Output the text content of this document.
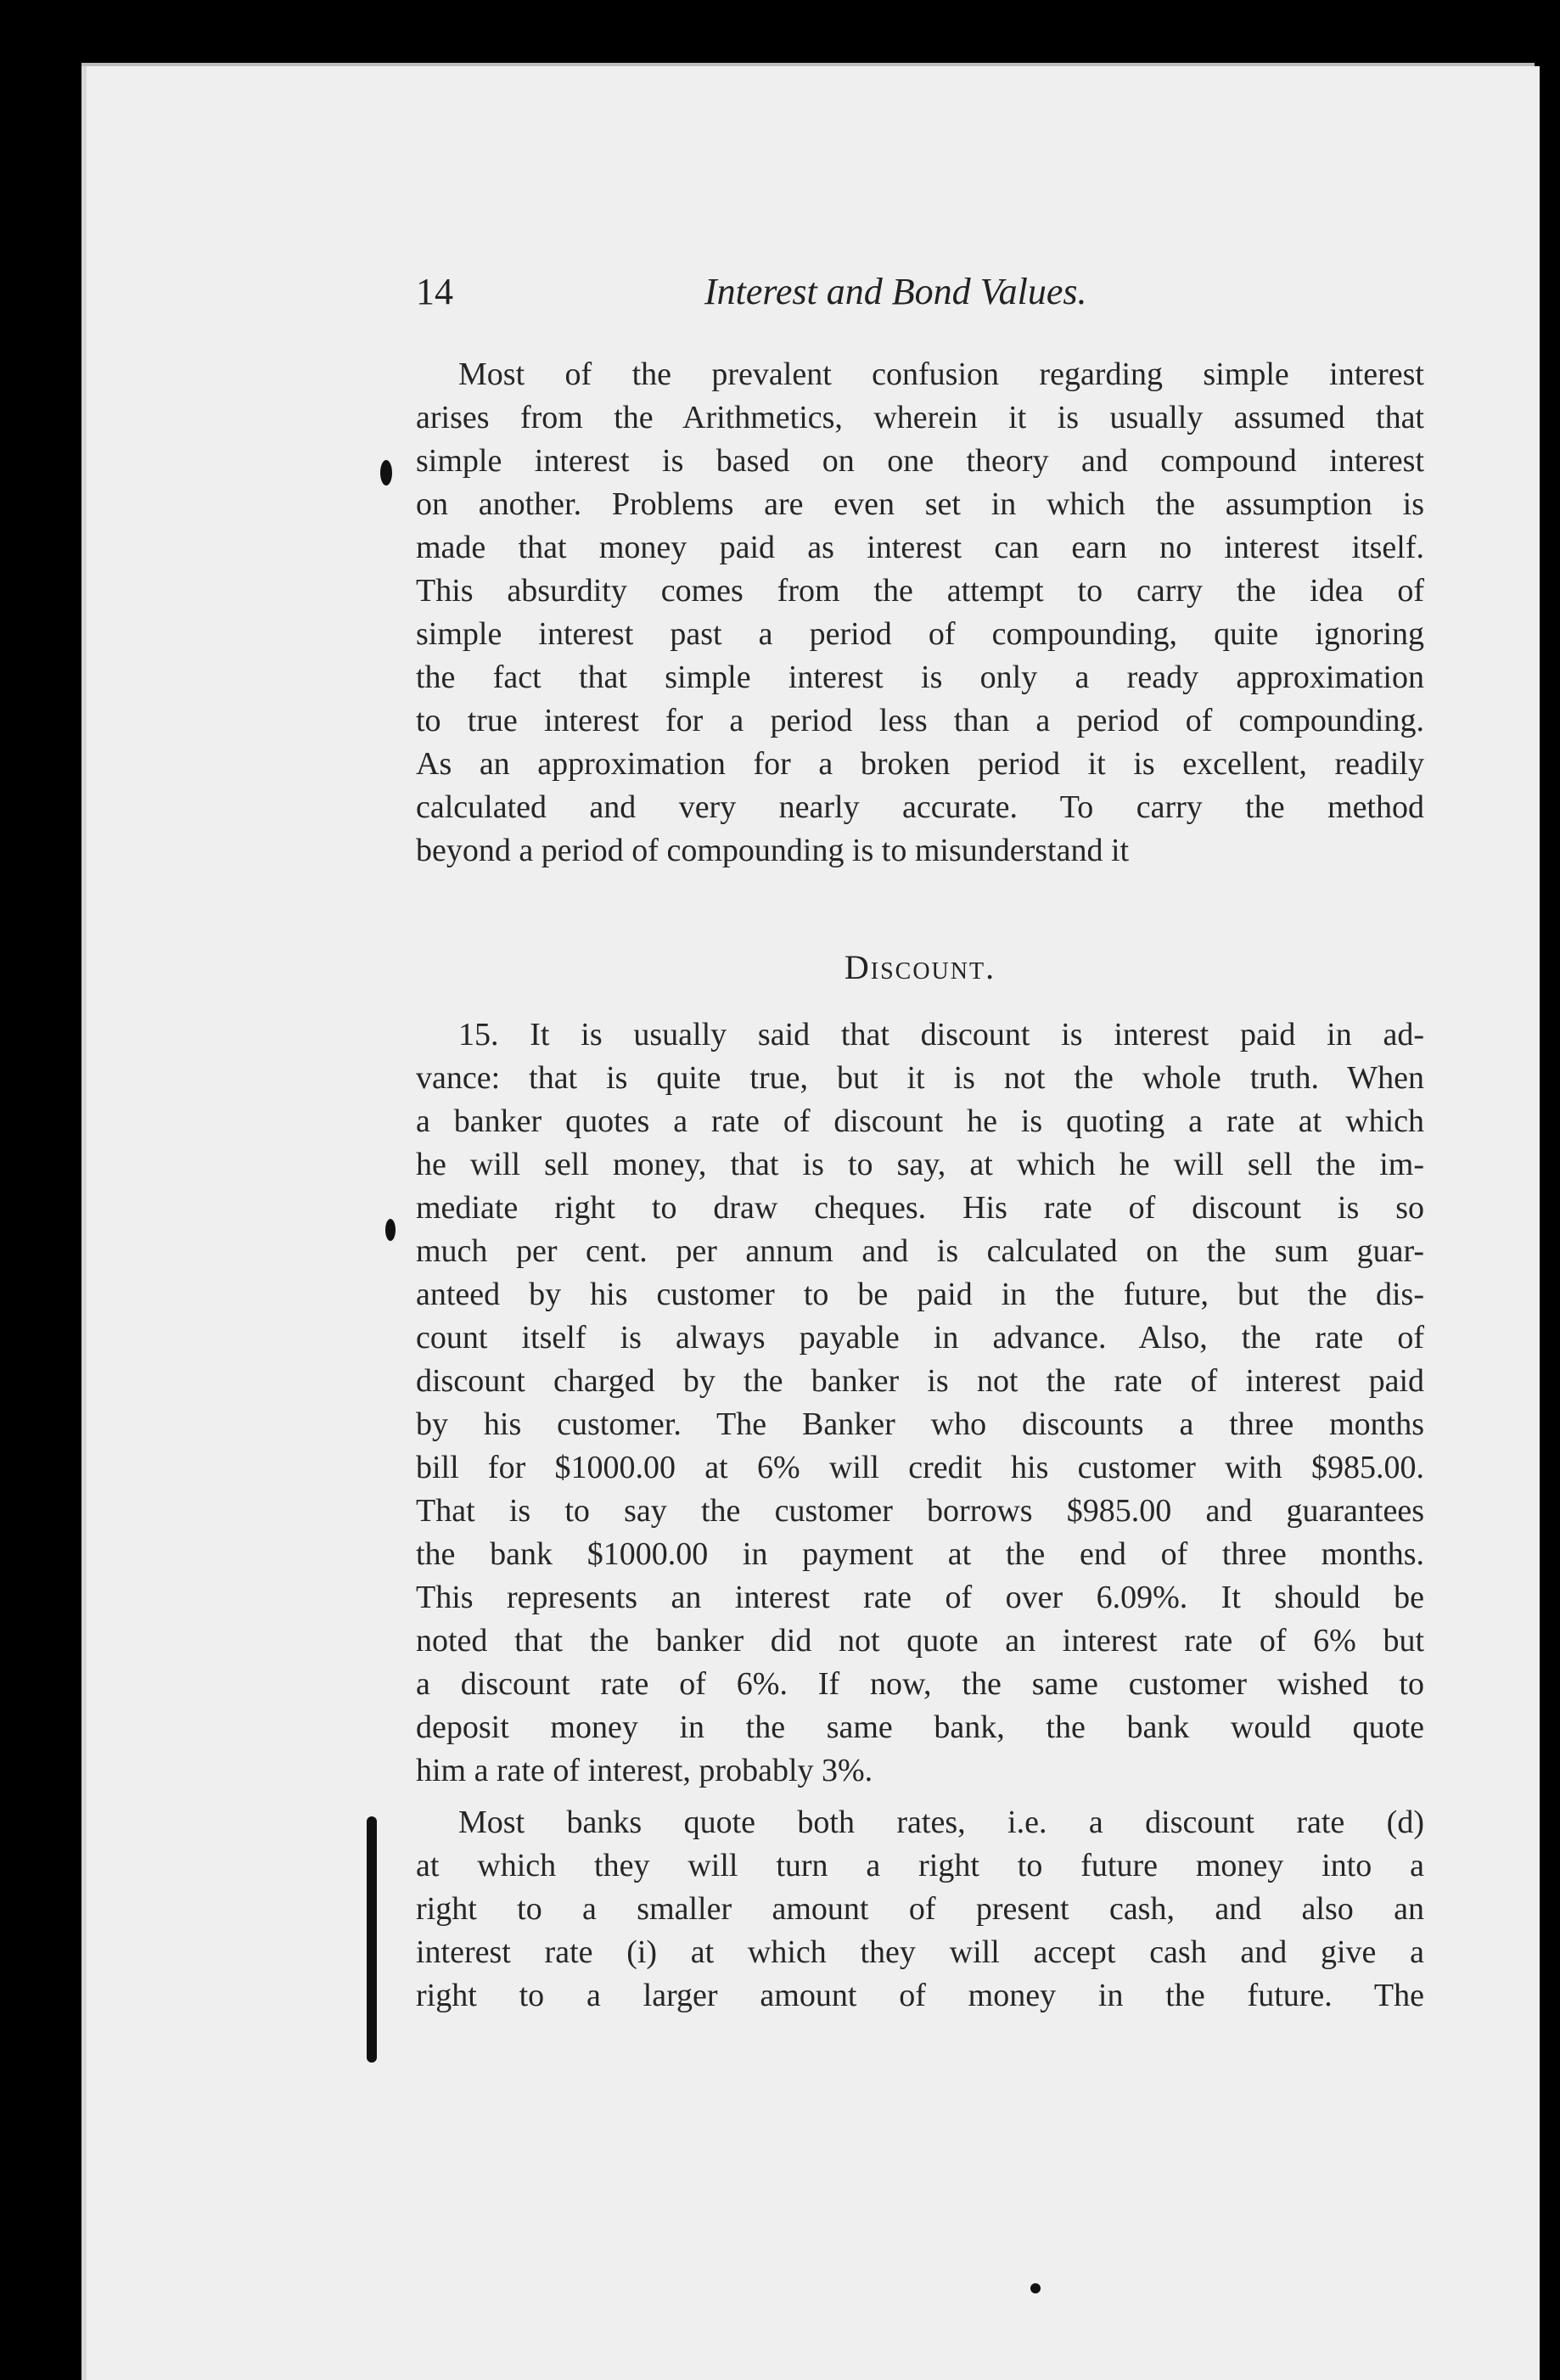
14	Interest and Bond Values.
Most of the prevalent confusion regarding simple interest
arises from the Arithmetics, wherein it is usually assumed that
simple interest is based on one theory and compound interest
on another. Problems are even set in which the assumption is
made that money paid as interest can earn no interest itself.
This absurdity comes from the attempt to carry the idea of
simple interest past a period of compounding, quite ignoring
the fact that simple interest is only a ready approximation
to true interest for a period less than a period of compounding.
As an approximation for a broken period it is excellent, readily
calculated and very nearly accurate. To carry the method
beyond a period of compounding is to misunderstand it
Discount.
15. It is usually said that discount is interest paid in ad-
vance: that is quite true, but it is not the whole truth. When
a banker quotes a rate of discount he is quoting a rate at which
he will sell money, that is to say, at which he will sell the im-
mediate right to draw cheques. His rate of discount is so
much per cent. per annum and is calculated on the sum guar-
anteed by his customer to be paid in the future, but the dis-
count itself is always payable in advance. Also, the rate of
discount charged by the banker is not the rate of interest paid
by his customer. The Banker who discounts a three months
bill for $1000.00 at 6% will credit his customer with $985.00.
That is to say the customer borrows $985.00 and guarantees
the bank $1000.00 in payment at the end of three months.
This represents an interest rate of over 6.09%. It should be
noted that the banker did not quote an interest rate of 6% but
a discount rate of 6%. If now, the same customer wished to
deposit money in the same bank, the bank would quote
him a rate of interest, probably 3%.
Most banks quote both rates, i.e. a discount rate (d)
at which they will turn a right to future money into a
right to a smaller amount of present cash, and also an
interest rate (i) at which they will accept cash and give a
right to a larger amount of money in the future. The
